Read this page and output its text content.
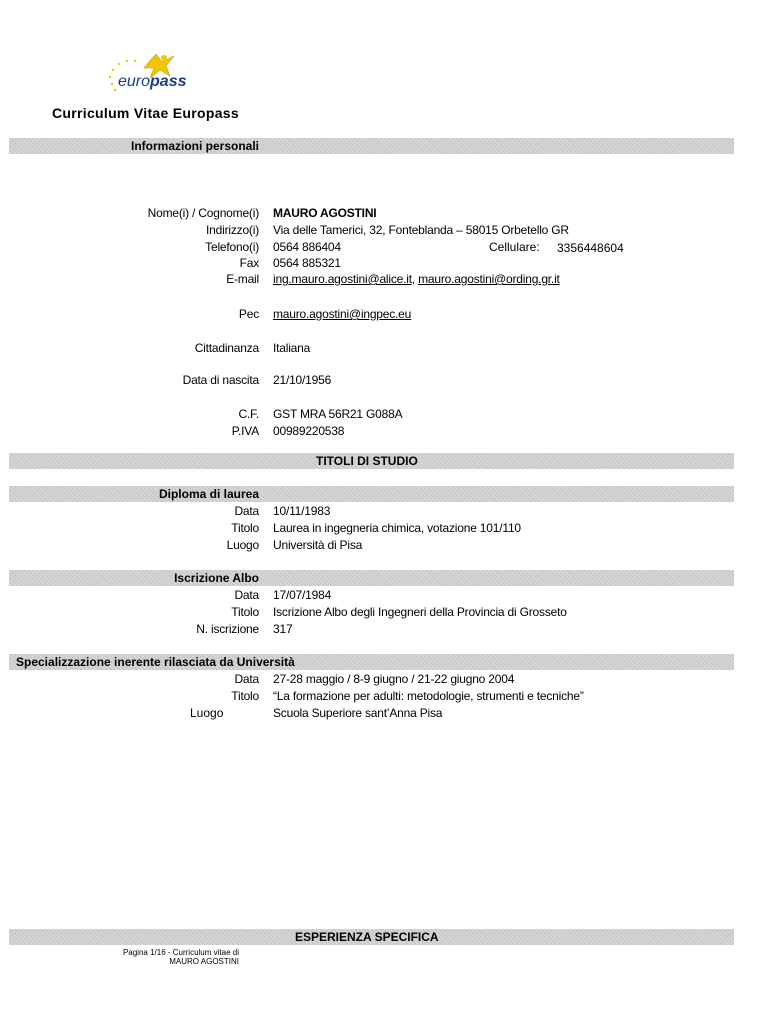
europass
Curriculum Vitae Europass
Informazioni personali
Nome(i) / Cognome(i) MAURO AGOSTINI
Indirizzo(i) Via delle Tamerici, 32, Fonteblanda – 58015 Orbetello GR
Telefono(i) 0564 886404	Cellulare: 3356448604
Fax 0564 885321
E-mail ing.mauro.agostini@alice.it, mauro.agostini@ording.gr.it
Pec mauro.agostini@ingpec.eu
Cittadinanza Italiana
Data di nascita 21/10/1956
C.F. GST MRA 56R21 G088A
P.IVA 00989220538
TITOLI DI STUDIO
Diploma di laurea
Data 10/11/1983
Titolo Laurea in ingegneria chimica, votazione 101/110
Luogo Università di Pisa
Iscrizione Albo
Data 17/07/1984
Titolo Iscrizione Albo degli Ingegneri della Provincia di Grosseto
N. iscrizione 317
Specializzazione inerente rilasciata da Università
Data 27-28 maggio / 8-9 giugno / 21-22 giugno 2004
Titolo “La formazione per adulti: metodologie, strumenti e tecniche”
Luogo	Scuola Superiore sant’Anna Pisa
ESPERIENZA SPECIFICA
Pagina 1/16 - Curriculum vitae di
MAURO AGOSTINI
